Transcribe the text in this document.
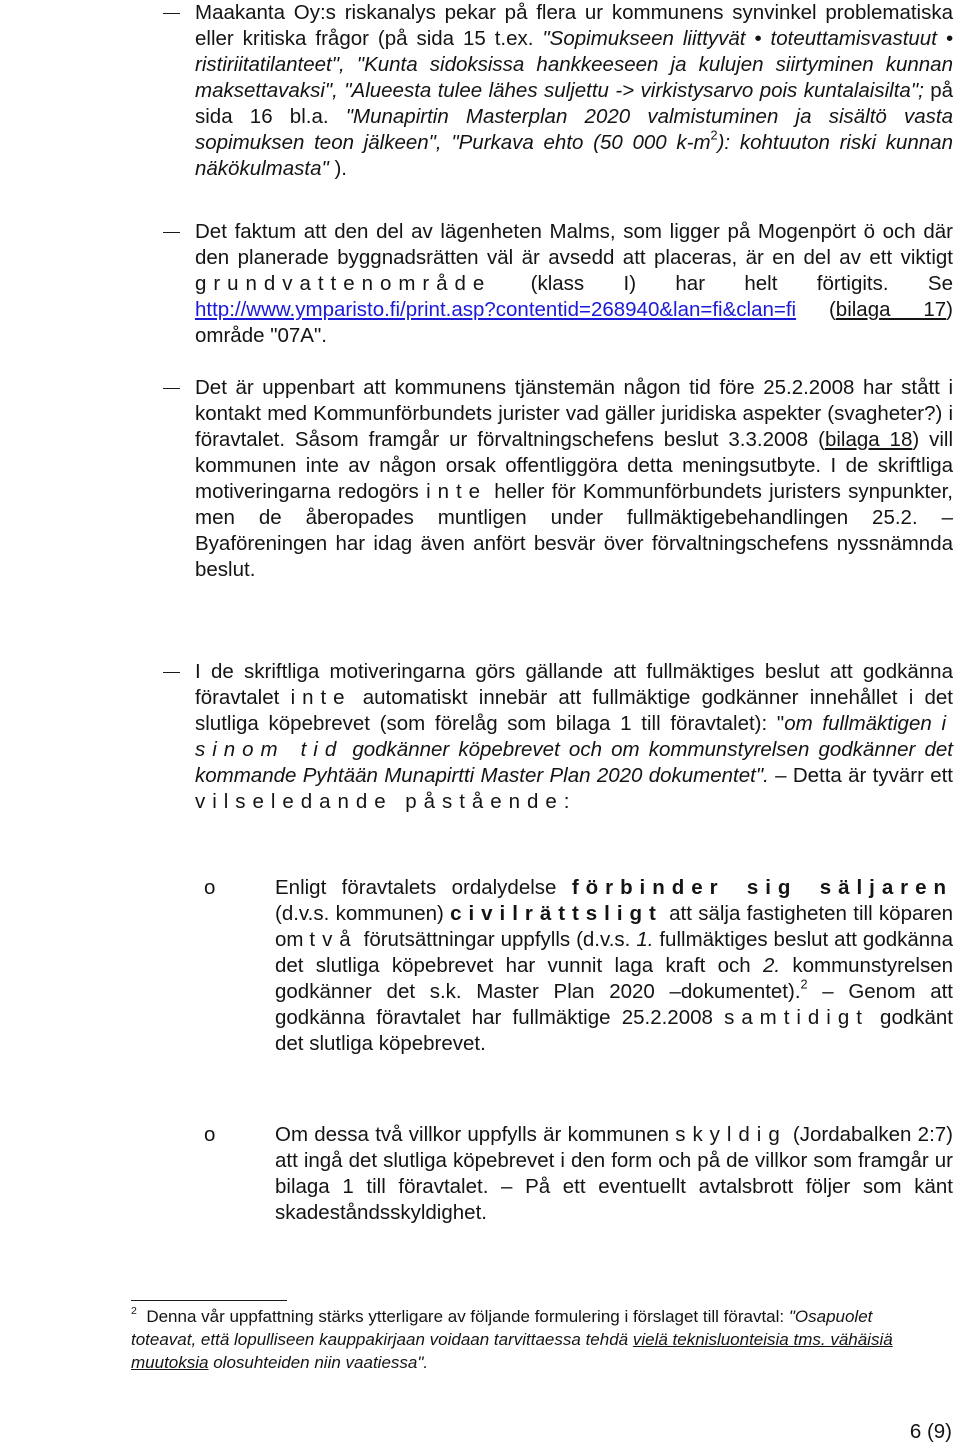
Maakanta Oy:s riskanalys pekar på flera ur kommunens synvinkel problematiska eller kritiska frågor (på sida 15 t.ex. "Sopimukseen liittyvät • toteuttamisvastuut • ristiriitatilanteet", "Kunta sidoksissa hankkeeseen ja kulujen siirtyminen kunnan maksettavaksi", "Alueesta tulee lähes suljettu -> virkistysarvo pois kuntalaisilta"; på sida 16 bl.a. "Munapirtin Masterplan 2020 valmistuminen ja sisältö vasta sopimuksen teon jälkeen", "Purkava ehto (50 000 $k-m^2$): kohtuuton riski kunnan näkökulmasta" ).

Det faktum att den del av lägenheten Malms, som ligger på Mogenpört ö och där den planerade byggnadsrätten väl är avsedd att placeras, är en del av ett viktigt grundvattenområde (klass I) har helt förtigits. Se http://www.ymparisto.fi/print.asp?contentid=268940&lan=fi&clan=fi (bilaga 17) område "07A".

Det är uppenbart att kommunens tjänstemän någon tid före 25.2.2008 har stått i kontakt med Kommunförbundets jurister vad gäller juridiska aspekter (svagheter?) i föravtalet. Såsom framgår ur förvaltningschefens beslut 3.3.2008 (bilaga 18) vill kommunen inte av någon orsak offentliggöra detta meningsutbyte. I de skriftliga motiveringarna redogörs inte heller för Kommunförbundets juristers synpunkter, men de åberopades muntligen under fullmäktigebehandlingen 25.2. – Byaföreningen har idag även anfört besvär över förvaltningschefens nyssnämnda beslut.

I de skriftliga motiveringarna görs gällande att fullmäktiges beslut att godkänna föravtalet inte automatiskt innebär att fullmäktige godkänner innehållet i det slutliga köpebrevet (som förelåg som bilaga 1 till föravtalet): "om fullmäktigen i sinom tid godkänner köpebrevet och om kommunstyrelsen godkänner det kommande Pyhtään Munapirtti Master Plan 2020 dokumentet". – Detta är tyvärr ett vilseledande påstående:

o	Enligt föravtalets ordalydelse förbinder sig säljaren (d.v.s. kommunen) civilrättsligt att sälja fastigheten till köparen om två förutsättningar uppfylls (d.v.s. 1. fullmäktiges beslut att godkänna det slutliga köpebrevet har vunnit laga kraft och 2. kommunstyrelsen godkänner det s.k. Master Plan 2020 –dokumentet).$^2$ – Genom att godkänna föravtalet har fullmäktige 25.2.2008 samtidigt godkänt det slutliga köpebrevet.

o	Om dessa två villkor uppfylls är kommunen skyldig (Jordabalken 2:7) att ingå det slutliga köpebrevet i den form och på de villkor som framgår ur bilaga 1 till föravtalet. – På ett eventuellt avtalsbrott följer som känt skadeståndsskyldighet.

$^2$ Denna vår uppfattning stärks ytterligare av följande formulering i förslaget till föravtal: "Osapuolet toteavat, että lopulliseen kauppakirjaan voidaan tarvittaessa tehdä vielä teknisluonteisia tms. vähäisiä muutoksia olosuhteiden niin vaatiessa".

6 (9)
